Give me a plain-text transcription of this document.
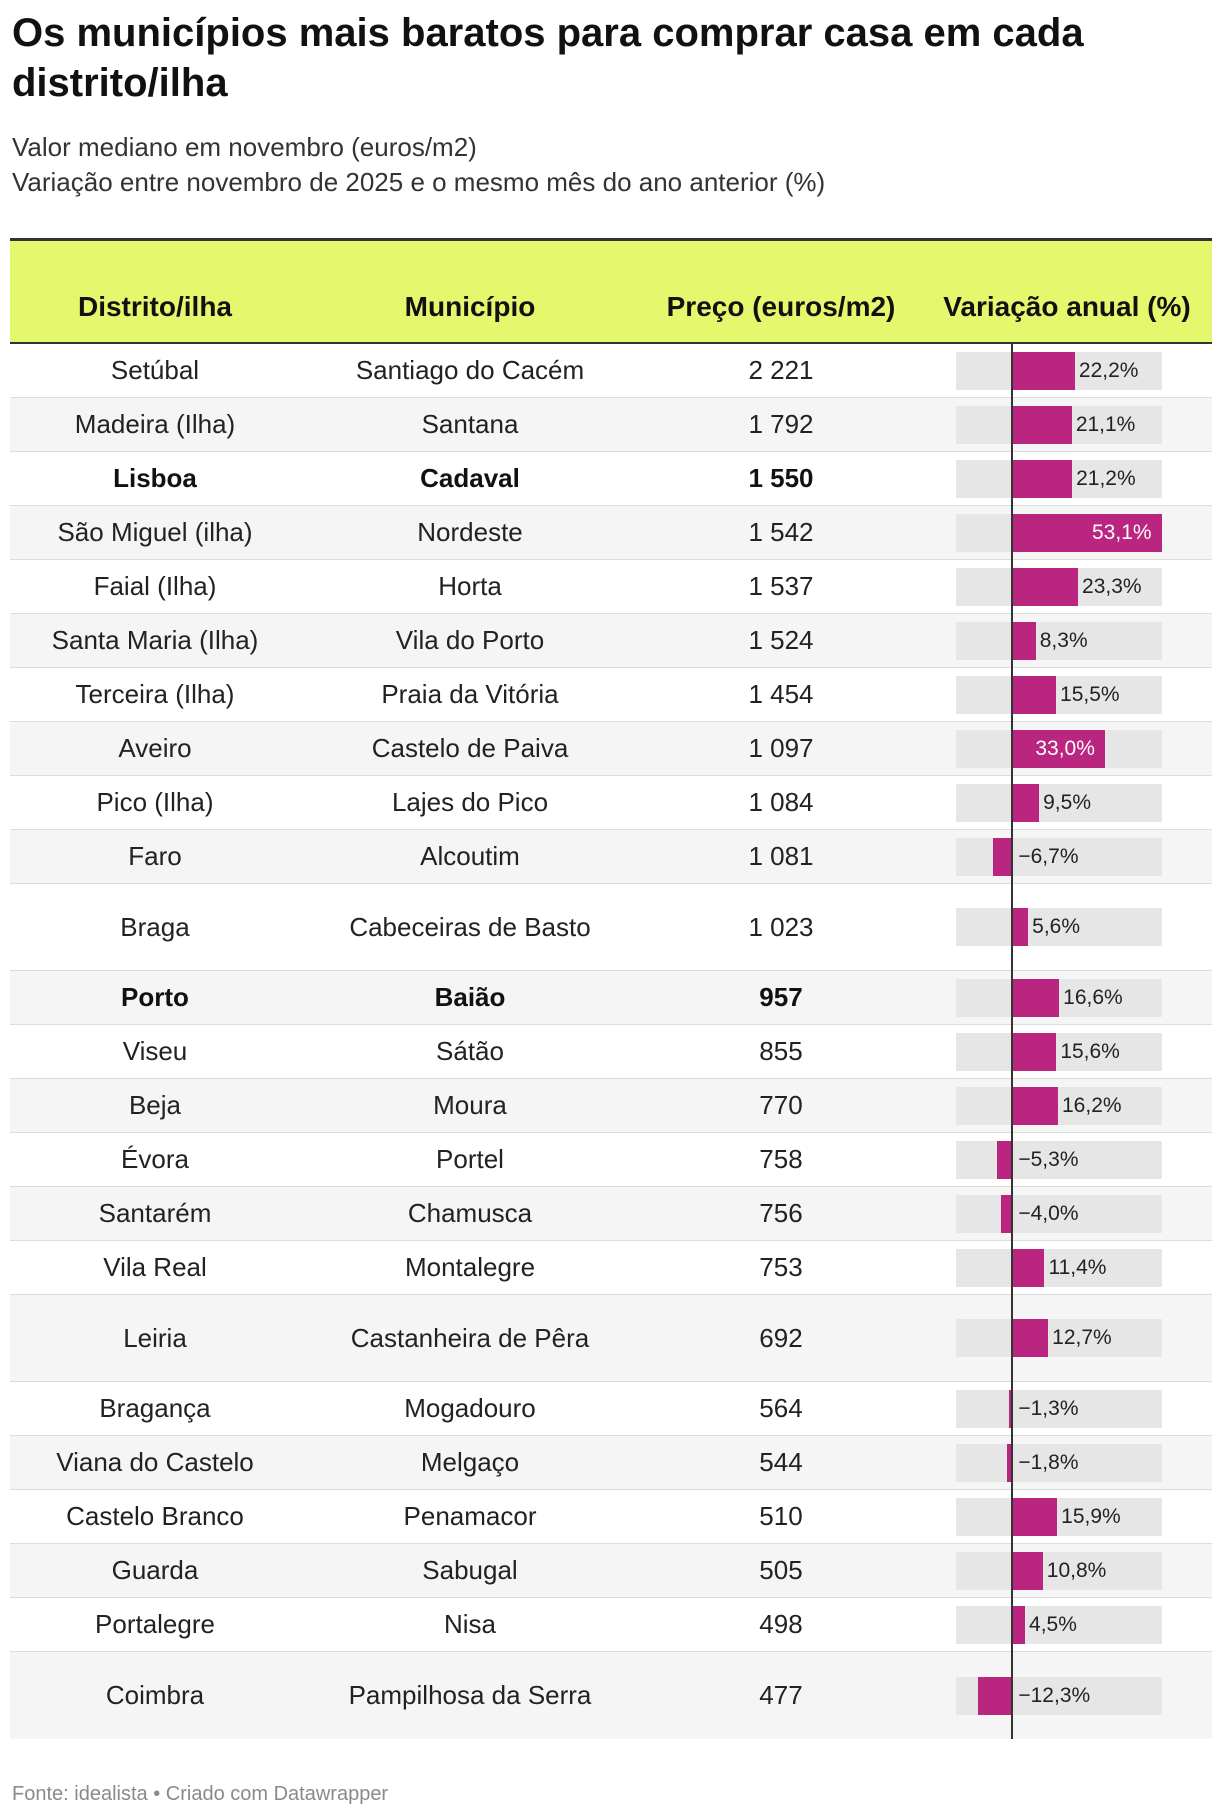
Os municípios mais baratos para comprar casa em cada distrito/ilha
Valor mediano em novembro (euros/m2)
Variação entre novembro de 2025 e o mesmo mês do ano anterior (%)
Distrito/ilha	Município	Preço (euros/m2)	Variação anual (%)
Setúbal	Santiago do Cacém	2 221	22,2%
Madeira (Ilha)	Santana	1 792	21,1%
Lisboa	Cadaval	1 550	21,2%
São Miguel (ilha)	Nordeste	1 542	53,1%
Faial (Ilha)	Horta	1 537	23,3%
Santa Maria (Ilha)	Vila do Porto	1 524	8,3%
Terceira (Ilha)	Praia da Vitória	1 454	15,5%
Aveiro	Castelo de Paiva	1 097	33,0%
Pico (Ilha)	Lajes do Pico	1 084	9,5%
Faro	Alcoutim	1 081	−6,7%
Braga	Cabeceiras de Basto	1 023	5,6%
Porto	Baião	957	16,6%
Viseu	Sátão	855	15,6%
Beja	Moura	770	16,2%
Évora	Portel	758	−5,3%
Santarém	Chamusca	756	−4,0%
Vila Real	Montalegre	753	11,4%
Leiria	Castanheira de Pêra	692	12,7%
Bragança	Mogadouro	564	−1,3%
Viana do Castelo	Melgaço	544	−1,8%
Castelo Branco	Penamacor	510	15,9%
Guarda	Sabugal	505	10,8%
Portalegre	Nisa	498	4,5%
Coimbra	Pampilhosa da Serra	477	−12,3%
Fonte: idealista • Criado com Datawrapper
